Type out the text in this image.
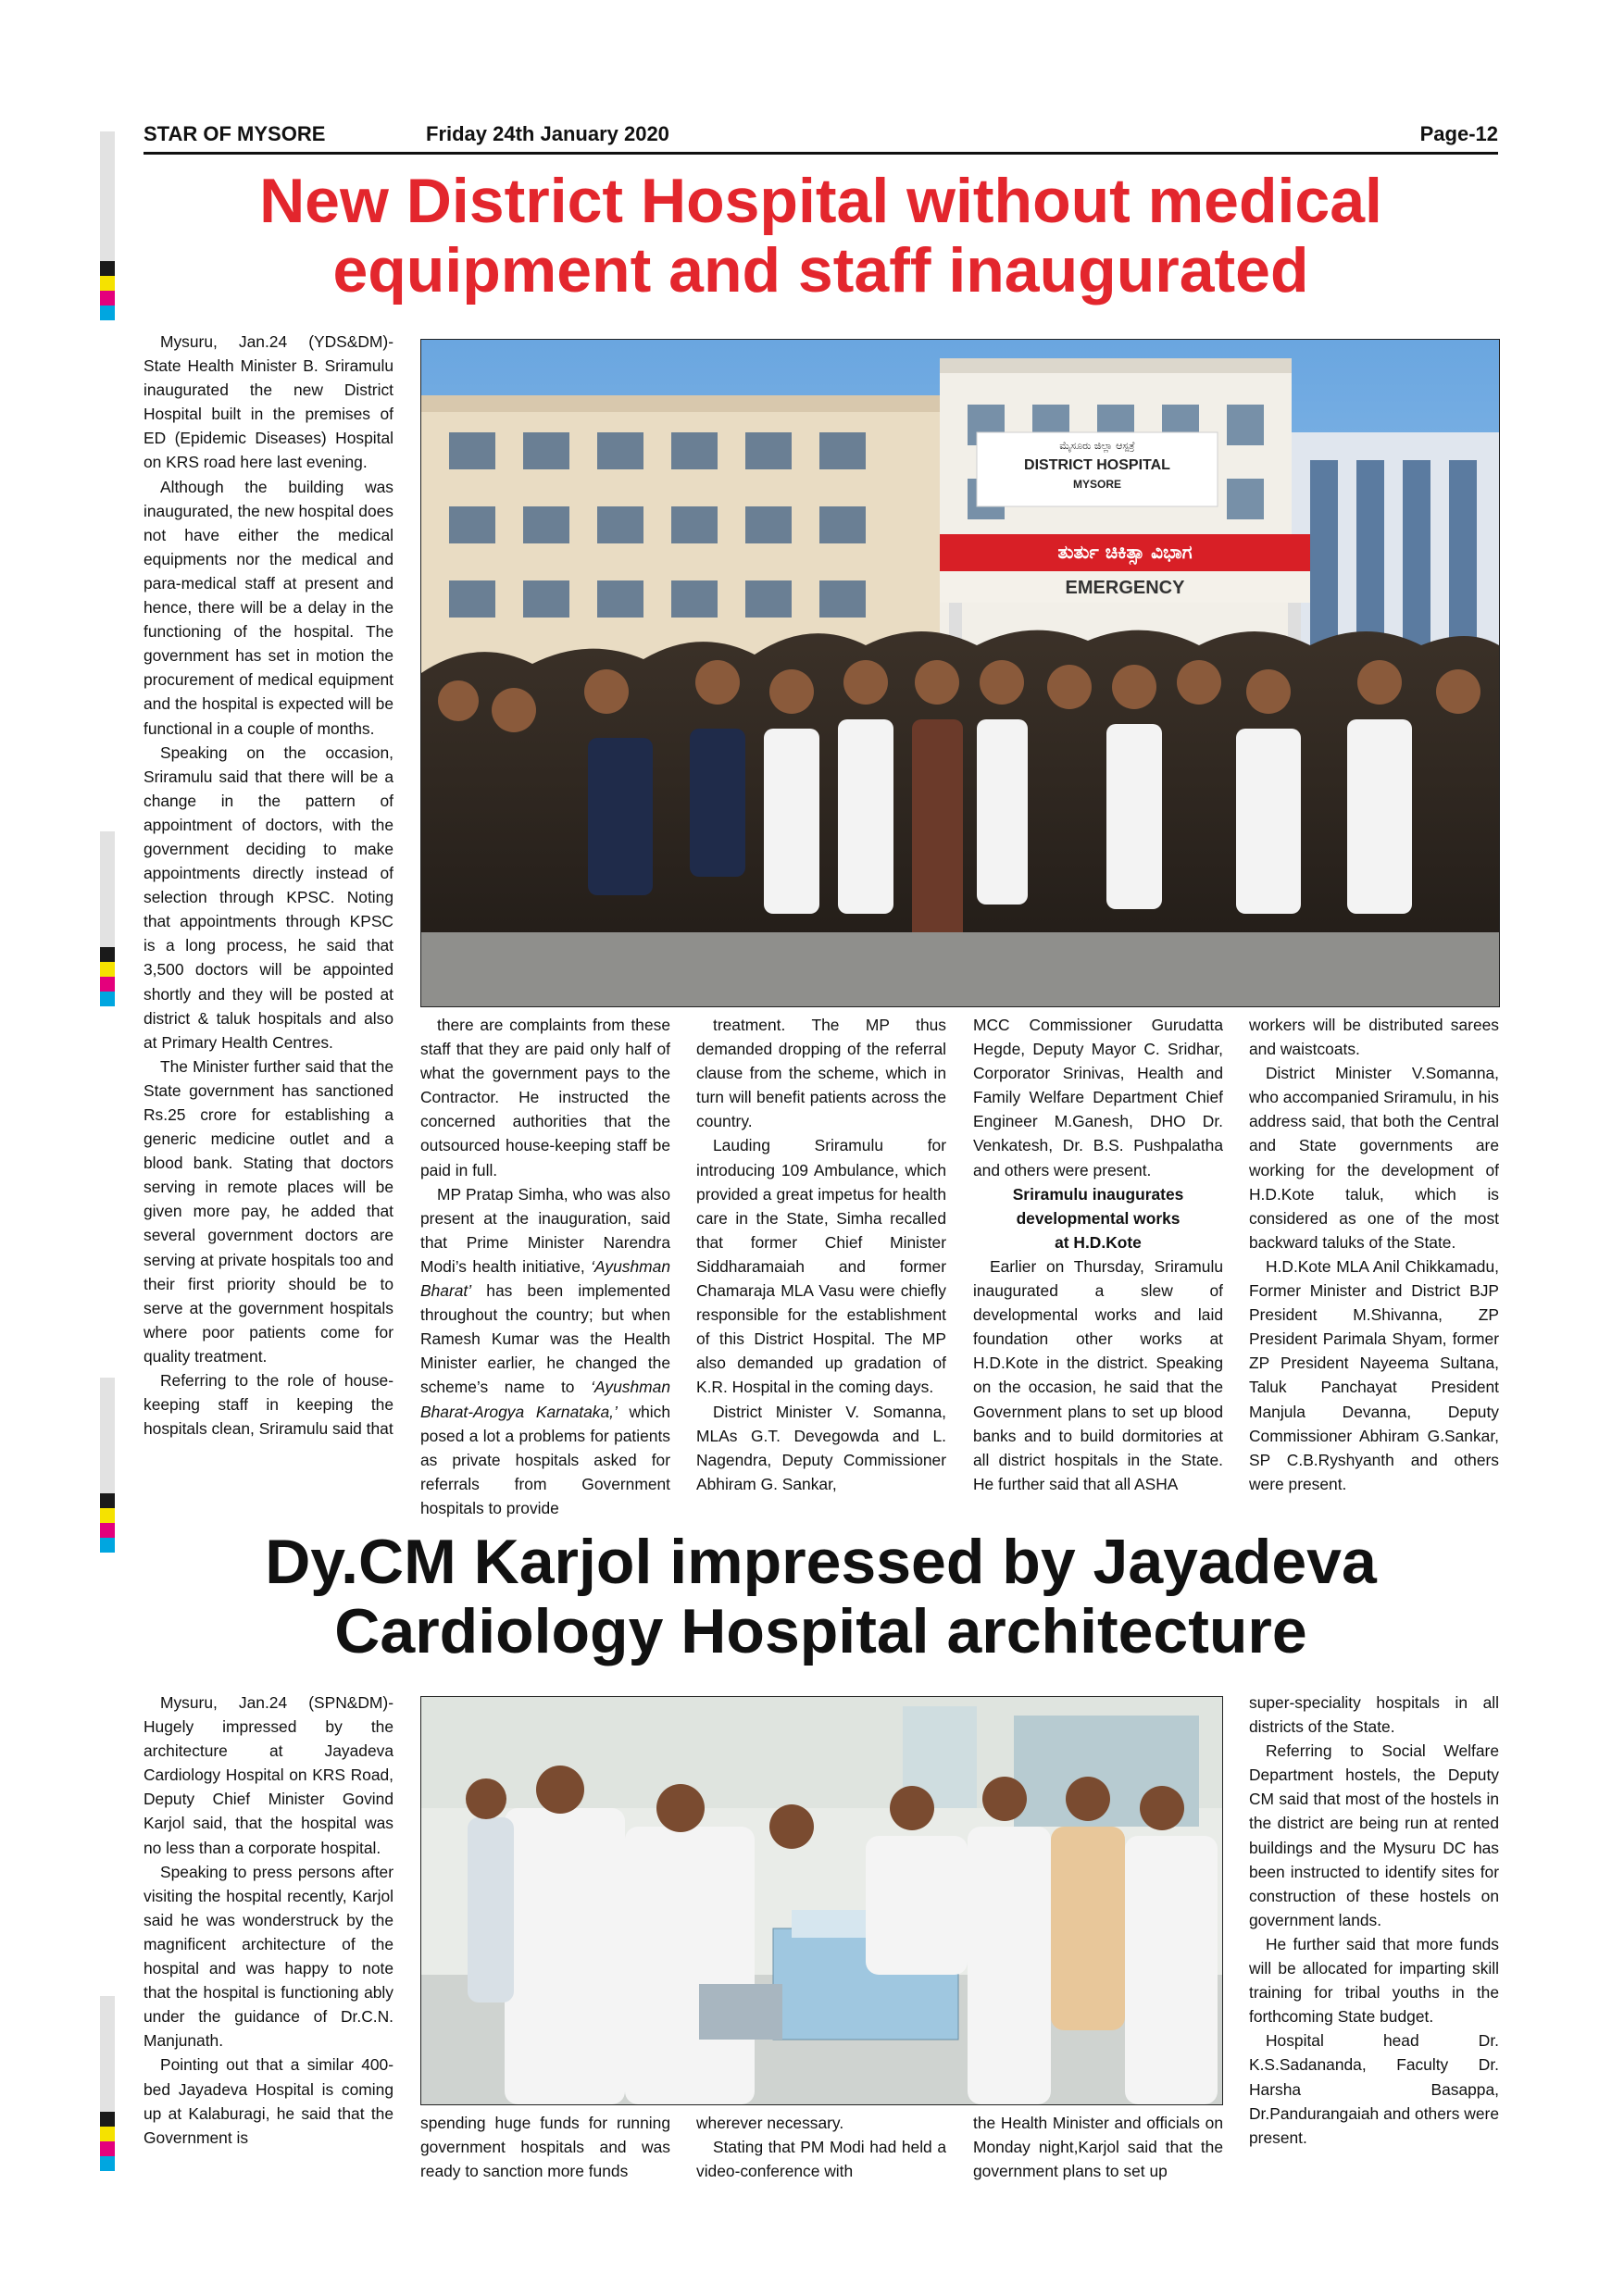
STAR OF MYSORE	Friday 24th January 2020	Page-12
New District Hospital without medical
equipment and staff inaugurated
ಮೈಸೂರು ಜಿಲ್ಲಾ ಆಸ್ಪತ್ರೆ
DISTRICT HOSPITAL
MYSORE
ತುರ್ತು ಚಿಕಿತ್ಸಾ ವಿಭಾಗ
EMERGENCY

Mysuru, Jan.24 (YDS&DM)- State Health Minister B. Sriramulu inaugurated the new District Hospital built in the premises of ED (Epidemic Diseases) Hospital on KRS road here last evening.

Although the building was inaugurated, the new hospital does not have either the medical equipments nor the medical and para-medical staff at present and hence, there will be a delay in the functioning of the hospital. The government has set in motion the procurement of medical equipment and the hospital is expected will be functional in a couple of months.

Speaking on the occasion, Sriramulu said that there will be a change in the pattern of appointment of doctors, with the government deciding to make appointments directly instead of selection through KPSC. Noting that appointments through KPSC is a long process, he said that 3,500 doctors will be appointed shortly and they will be posted at district & taluk hospitals and also at Primary Health Centres.

The Minister further said that the State government has sanctioned Rs.25 crore for establishing a generic medicine outlet and a blood bank. Stating that doctors serving in remote places will be given more pay, he added that several government doctors are serving at private hospitals too and their first priority should be to serve at the government hospitals where poor patients come for quality treatment.

Referring to the role of house-keeping staff in keeping the hospitals clean, Sriramulu said that

there are complaints from these staff that they are paid only half of what the government pays to the Contractor. He instructed the concerned authorities that the outsourced house-keeping staff be paid in full.

MP Pratap Simha, who was also present at the inauguration, said that Prime Minister Narendra Modi’s health initiative, ‘Ayushman Bharat’ has been implemented throughout the country; but when Ramesh Kumar was the Health Minister earlier, he changed the scheme’s name to ‘Ayushman Bharat-Arogya Karnataka,’ which posed a lot a problems for patients as private hospitals asked for referrals from Government hospitals to provide

treatment. The MP thus demanded dropping of the referral clause from the scheme, which in turn will benefit patients across the country.

Lauding Sriramulu for introducing 109 Ambulance, which provided a great impetus for health care in the State, Simha recalled that former Chief Minister Siddharamaiah and former Chamaraja MLA Vasu were chiefly responsible for the establishment of this District Hospital. The MP also demanded up gradation of K.R. Hospital in the coming days.

District Minister V. Somanna, MLAs G.T. Devegowda and L. Nagendra, Deputy Commissioner Abhiram G. Sankar,

MCC Commissioner Gurudatta Hegde, Deputy Mayor C. Sridhar, Corporator Srinivas, Health and Family Welfare Department Chief Engineer M.Ganesh, DHO Dr. Venkatesh, Dr. B.S. Pushpalatha and others were present.

Sriramulu inaugurates
developmental works
at H.D.Kote

Earlier on Thursday, Sriramulu inaugurated a slew of developmental works and laid foundation other works at H.D.Kote in the district. Speaking on the occasion, he said that the Government plans to set up blood banks and to build dormitories at all district hospitals in the State. He further said that all ASHA

workers will be distributed sarees and waistcoats.

District Minister V.Somanna, who accompanied Sriramulu, in his address said, that both the Central and State governments are working for the development of H.D.Kote taluk, which is considered as one of the most backward taluks of the State.

H.D.Kote MLA Anil Chikkamadu, Former Minister and District BJP President M.Shivanna, ZP President Parimala Shyam, former ZP President Nayeema Sultana, Taluk Panchayat President Manjula Devanna, Deputy Commissioner Abhiram G.Sankar, SP C.B.Ryshyanth and others were present.

Dy.CM Karjol impressed by Jayadeva
Cardiology Hospital architecture

Mysuru, Jan.24 (SPN&DM)- Hugely impressed by the architecture at Jayadeva Cardiology Hospital on KRS Road, Deputy Chief Minister Govind Karjol said, that the hospital was no less than a corporate hospital.

Speaking to press persons after visiting the hospital recently, Karjol said he was wonderstruck by the magnificent architecture of the hospital and was happy to note that the hospital is functioning ably under the guidance of Dr.C.N. Manjunath.

Pointing out that a similar 400-bed Jayadeva Hospital is coming up at Kalaburagi, he said that the Government is

spending huge funds for running government hospitals and was ready to sanction more funds

wherever necessary.

Stating that PM Modi had held a video-conference with

the Health Minister and officials on Monday night,Karjol said that the government plans to set up

super-speciality hospitals in all districts of the State.

Referring to Social Welfare Department hostels, the Deputy CM said that most of the hostels in the district are being run at rented buildings and the Mysuru DC has been instructed to identify sites for construction of these hostels on government lands.

He further said that more funds will be allocated for imparting skill training for tribal youths in the forthcoming State budget.

Hospital head Dr. K.S.Sadananda, Faculty Dr. Harsha Basappa, Dr.Pandurangaiah and others were present.
